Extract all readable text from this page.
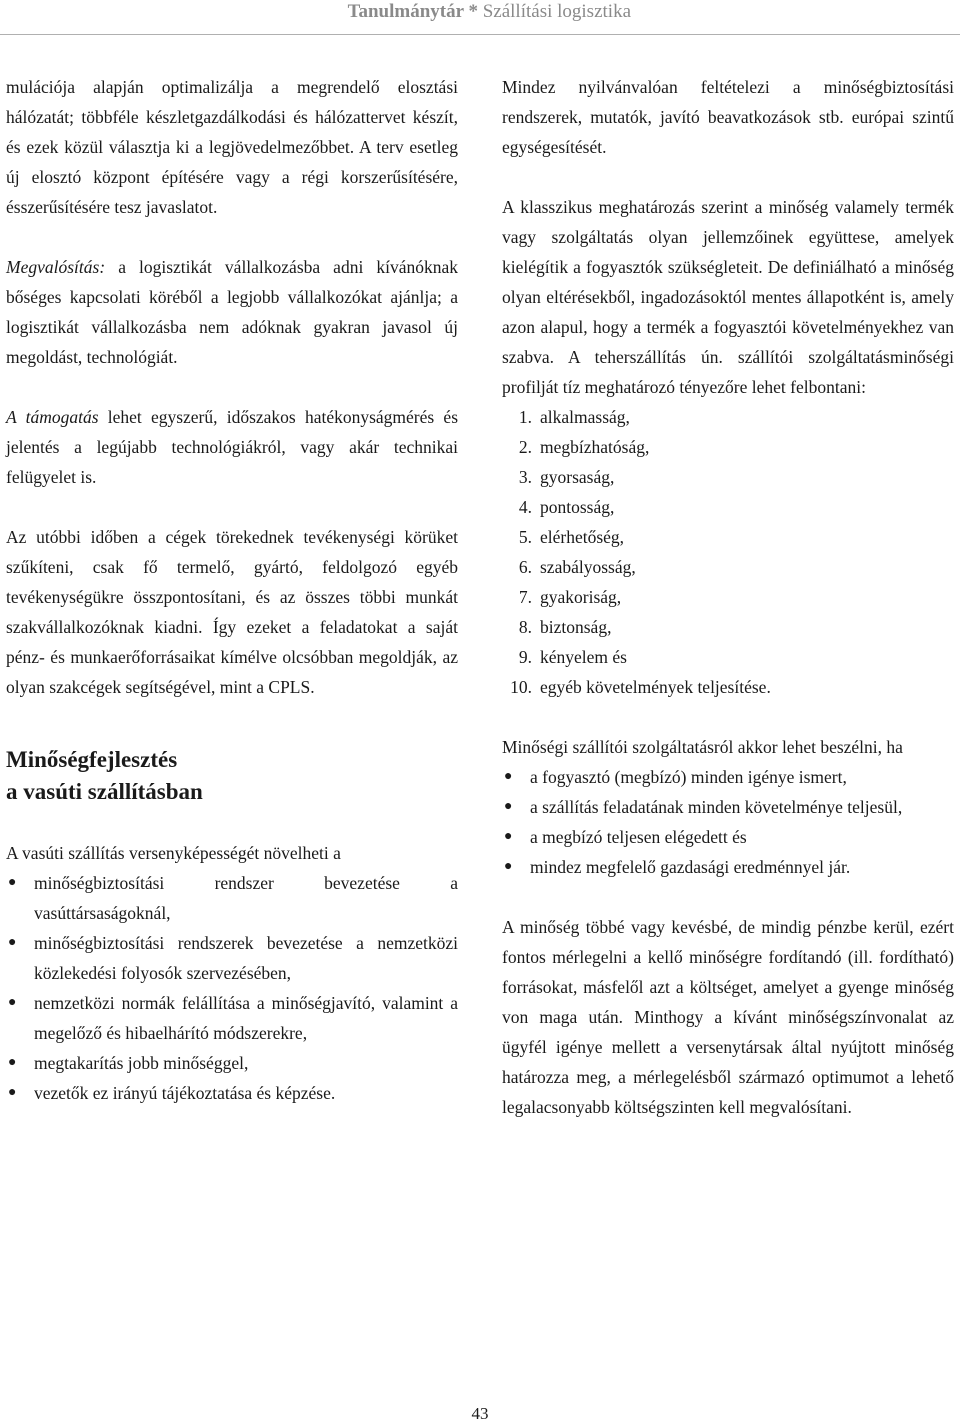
Tanulmánytár * Szállítási logisztika

mulációja alapján optimalizálja a megrendelő elosztási hálózatát; többféle készletgazdálkodási és hálózattervet készít, és ezek közül választja ki a legjövedelmezőbbet. A terv esetleg új elosztó központ építésére vagy a régi korszerűsítésére, ésszerűsítésére tesz javaslatot.

Megvalósítás: a logisztikát vállalkozásba adni kívánóknak bőséges kapcsolati köréből a legjobb vállalkozókat ajánlja; a logisztikát vállalkozásba nem adóknak gyakran javasol új megoldást, technológiát.

A támogatás lehet egyszerű, időszakos hatékonyságmérés és jelentés a legújabb technológiákról, vagy akár technikai felügyelet is.

Az utóbbi időben a cégek törekednek tevékenységi körüket szűkíteni, csak fő termelő, gyártó, feldolgozó egyéb tevékenységükre összpontosítani, és az összes többi munkát szakvállalkozóknak kiadni. Így ezeket a feladatokat a saját pénz- és munkaerőforrásaikat kímélve olcsóbban megoldják, az olyan szakcégek segítségével, mint a CPLS.

Minőségfejlesztés
a vasúti szállításban

A vasúti szállítás versenyképességét növelheti a

● minőségbiztosítási rendszer bevezetése a vasúttársaságoknál,
● minőségbiztosítási rendszerek bevezetése a nemzetközi közlekedési folyosók szervezésében,
● nemzetközi normák felállítása a minőségjavító, valamint a megelőző és hibaelhárító módszerekre,
● megtakarítás jobb minőséggel,
● vezetők ez irányú tájékoztatása és képzése.

Mindez nyilvánvalóan feltételezi a minőségbiztosítási rendszerek, mutatók, javító beavatkozások stb. európai szintű egységesítését.

A klasszikus meghatározás szerint a minőség valamely termék vagy szolgáltatás olyan jellemzőinek együttese, amelyek kielégítik a fogyasztók szükségleteit. De definiálható a minőség olyan eltérésekből, ingadozásoktól mentes állapotként is, amely azon alapul, hogy a termék a fogyasztói követelményekhez van szabva. A teherszállítás ún. szállítói szolgáltatásminőségi profilját tíz meghatározó tényezőre lehet felbontani:

1. alkalmasság,
2. megbízhatóság,
3. gyorsaság,
4. pontosság,
5. elérhetőség,
6. szabályosság,
7. gyakoriság,
8. biztonság,
9. kényelem és
10. egyéb követelmények teljesítése.

Minőségi szállítói szolgáltatásról akkor lehet beszélni, ha

● a fogyasztó (megbízó) minden igénye ismert,
● a szállítás feladatának minden követelménye teljesül,
● a megbízó teljesen elégedett és
● mindez megfelelő gazdasági eredménnyel jár.

A minőség többé vagy kevésbé, de mindig pénzbe kerül, ezért fontos mérlegelni a kellő minőségre fordítandó (ill. fordítható) forrásokat, másfelől azt a költséget, amelyet a gyenge minőség von maga után. Minthogy a kívánt minőségszínvonalat az ügyfél igénye mellett a versenytársak által nyújtott minőség határozza meg, a mérlegelésből származó optimumot a lehető legalacsonyabb költségszinten kell megvalósítani.

43
